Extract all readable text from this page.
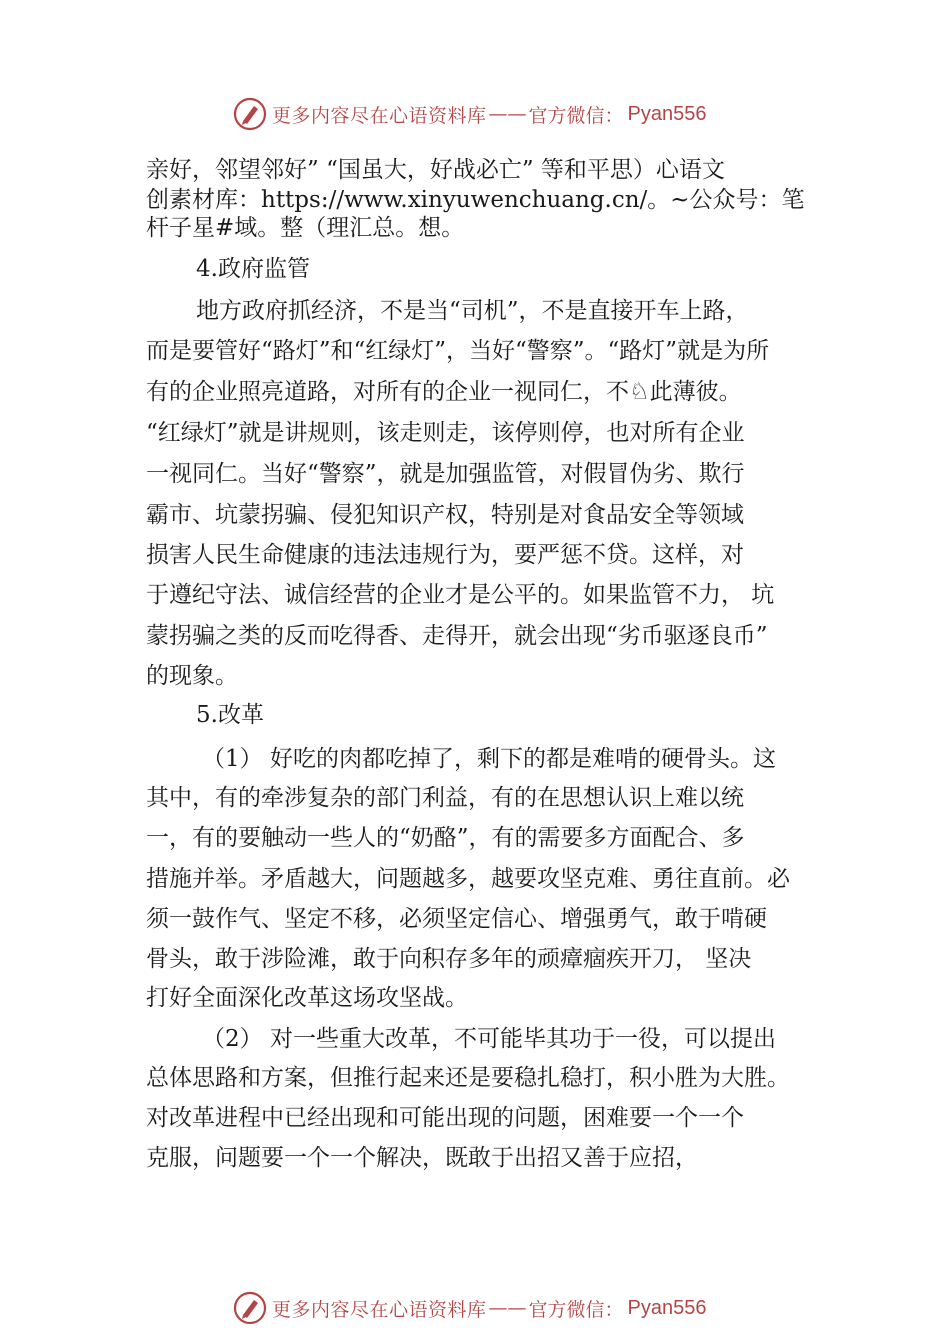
更多内容尽在心语资料库 —— 官方微信： Pyan556
亲好，邻望邻好” “国虽大，好战必亡” 等和平思）心语文
创素材库：https://www.xinyuwenchuang.cn/。~公众号：笔
杆子星#域。整（理汇总。想。
4.政府监管
地方政府抓经济，不是当“司机”，不是直接开车上路，
而是要管好“路灯”和“红绿灯”，当好“警察”。“路灯”就是为所
有的企业照亮道路，对所有的企业一视同仁，不♘此薄彼。
“红绿灯”就是讲规则，该走则走，该停则停，也对所有企业
一视同仁。当好“警察”，就是加强监管，对假冒伪劣、欺行
霸市、坑蒙拐骗、侵犯知识产权，特别是对食品安全等领域
损害人民生命健康的违法违规行为，要严惩不贷。这样，对
于遵纪守法、诚信经营的企业才是公平的。如果监管不力， 坑
蒙拐骗之类的反而吃得香、走得开，就会出现“劣币驱逐良币”
的现象。
5.改革
（1） 好吃的肉都吃掉了，剩下的都是难啃的硬骨头。这
其中，有的牵涉复杂的部门利益，有的在思想认识上难以统
一，有的要触动一些人的“奶酪”，有的需要多方面配合、多
措施并举。矛盾越大，问题越多，越要攻坚克难、勇往直前。必
须一鼓作气、坚定不移，必须坚定信心、增强勇气，敢于啃硬
骨头，敢于涉险滩，敢于向积存多年的顽瘴痼疾开刀， 坚决
打好全面深化改革这场攻坚战。
（2） 对一些重大改革，不可能毕其功于一役，可以提出
总体思路和方案，但推行起来还是要稳扎稳打，积小胜为大胜。
对改革进程中已经出现和可能出现的问题，困难要一个一个
克服，问题要一个一个解决，既敢于出招又善于应招，
更多内容尽在心语资料库 —— 官方微信： Pyan556
